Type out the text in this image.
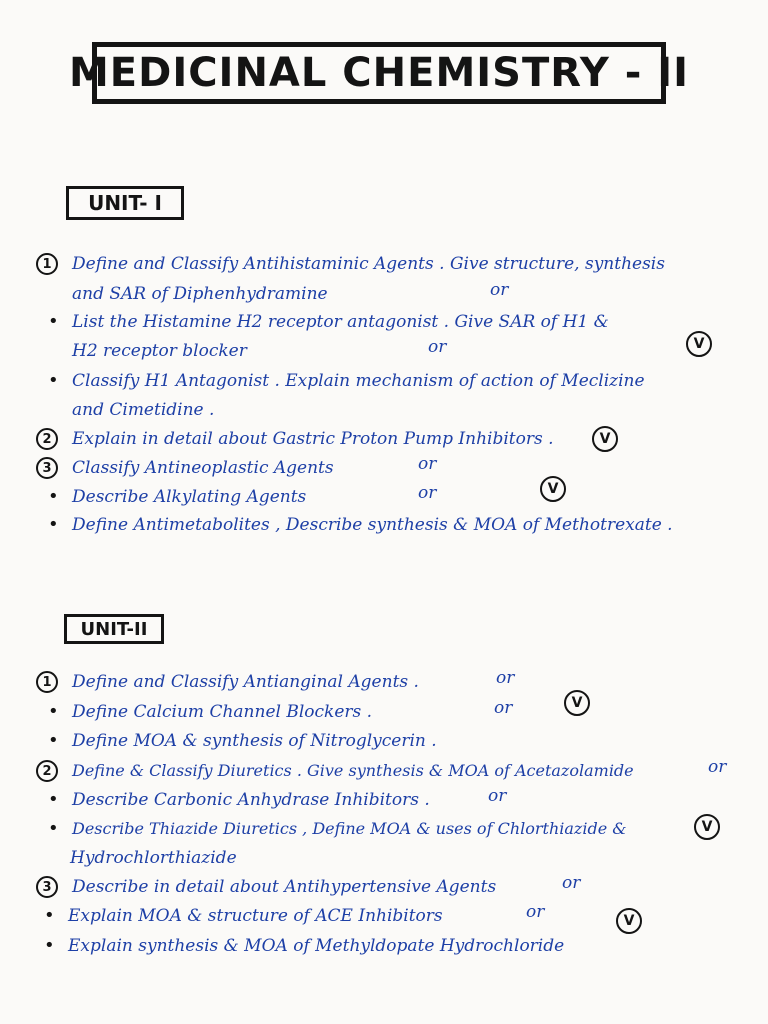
MEDICINAL CHEMISTRY - II
UNIT- I
1	Define and Classify Antihistaminic Agents . Give structure, synthesis
and SAR of Diphenhydramine	or
• List the Histamine H2 receptor antagonist . Give SAR of H1 &
H2 receptor blocker	or	V
• Classify H1 Antagonist . Explain mechanism of action of Meclizine
and Cimetidine .
2	Explain in detail about Gastric Proton Pump Inhibitors .	V
3	Classify Antineoplastic Agents	or
• Describe Alkylating Agents	or	V
• Define Antimetabolites , Describe synthesis & MOA of Methotrexate .
UNIT-II
1	Define and Classify Antianginal Agents .	or
• Define Calcium Channel Blockers .	or	V
• Define MOA & synthesis of Nitroglycerin .
2	Define & Classify Diuretics . Give synthesis & MOA of Acetazolamide	or
• Describe Carbonic Anhydrase Inhibitors .	or
• Describe Thiazide Diuretics , Define MOA & uses of Chlorthiazide &	V
Hydrochlorthiazide
3	Describe in detail about Antihypertensive Agents	or
• Explain MOA & structure of ACE Inhibitors	or	V
• Explain synthesis & MOA of Methyldopate Hydrochloride
